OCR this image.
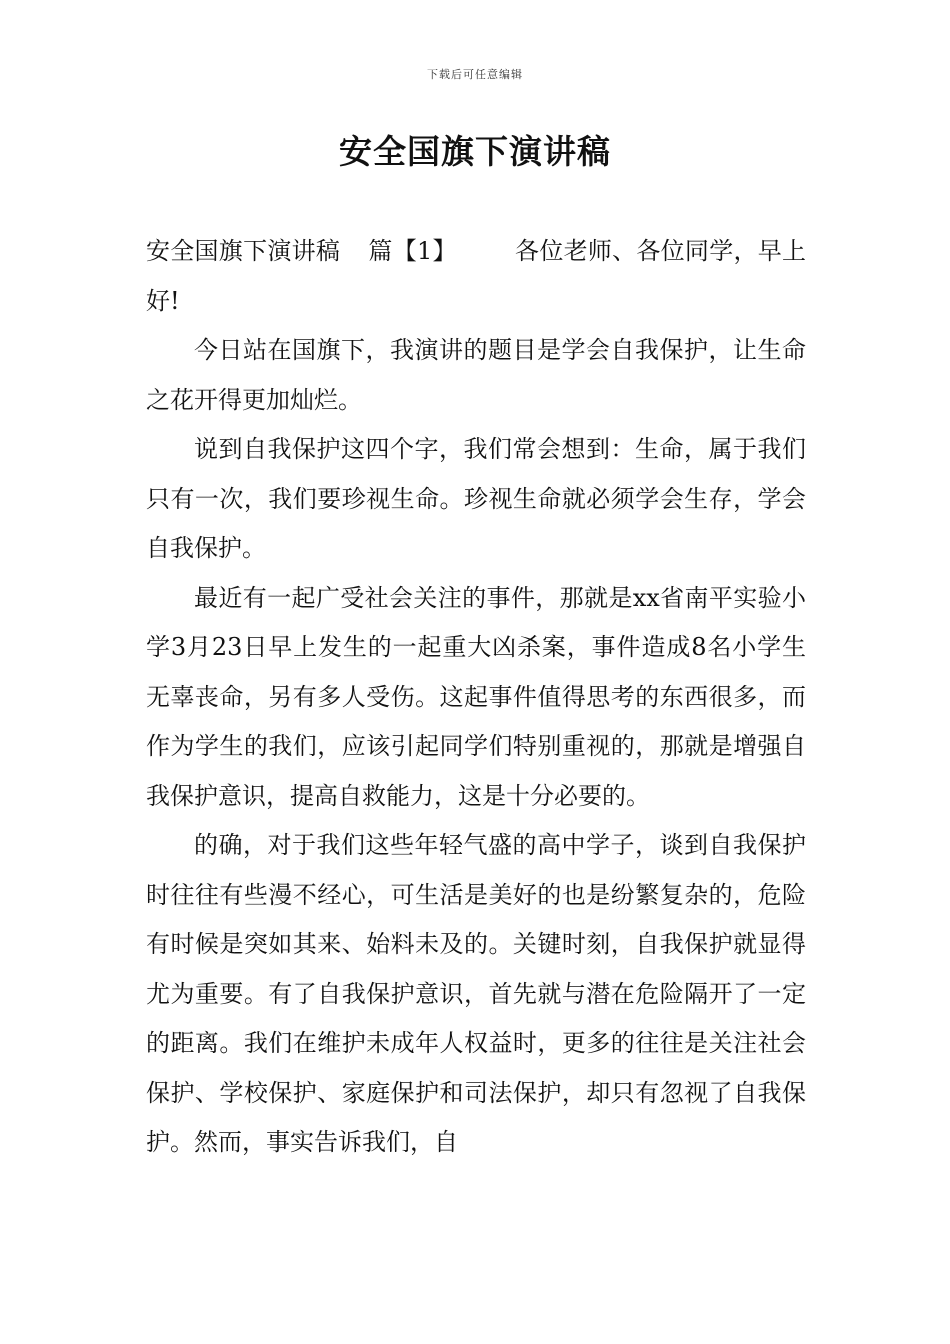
下载后可任意编辑
安全国旗下演讲稿

安全国旗下演讲稿 篇【1】 各位老师、各位同学，早上好!

今日站在国旗下，我演讲的题目是学会自我保护，让生命之花开得更加灿烂。

说到自我保护这四个字，我们常会想到：生命，属于我们只有一次，我们要珍视生命。珍视生命就必须学会生存，学会自我保护。

最近有一起广受社会关注的事件，那就是xx省南平实验小学3月23日早上发生的一起重大凶杀案，事件造成8名小学生无辜丧命，另有多人受伤。这起事件值得思考的东西很多，而作为学生的我们，应该引起同学们特别重视的，那就是增强自我保护意识，提高自救能力，这是十分必要的。

的确，对于我们这些年轻气盛的高中学子，谈到自我保护时往往有些漫不经心，可生活是美好的也是纷繁复杂的，危险有时候是突如其来、始料未及的。关键时刻，自我保护就显得尤为重要。有了自我保护意识，首先就与潜在危险隔开了一定的距离。我们在维护未成年人权益时，更多的往往是关注社会保护、学校保护、家庭保护和司法保护，却只有忽视了自我保护。然而，事实告诉我们，自
